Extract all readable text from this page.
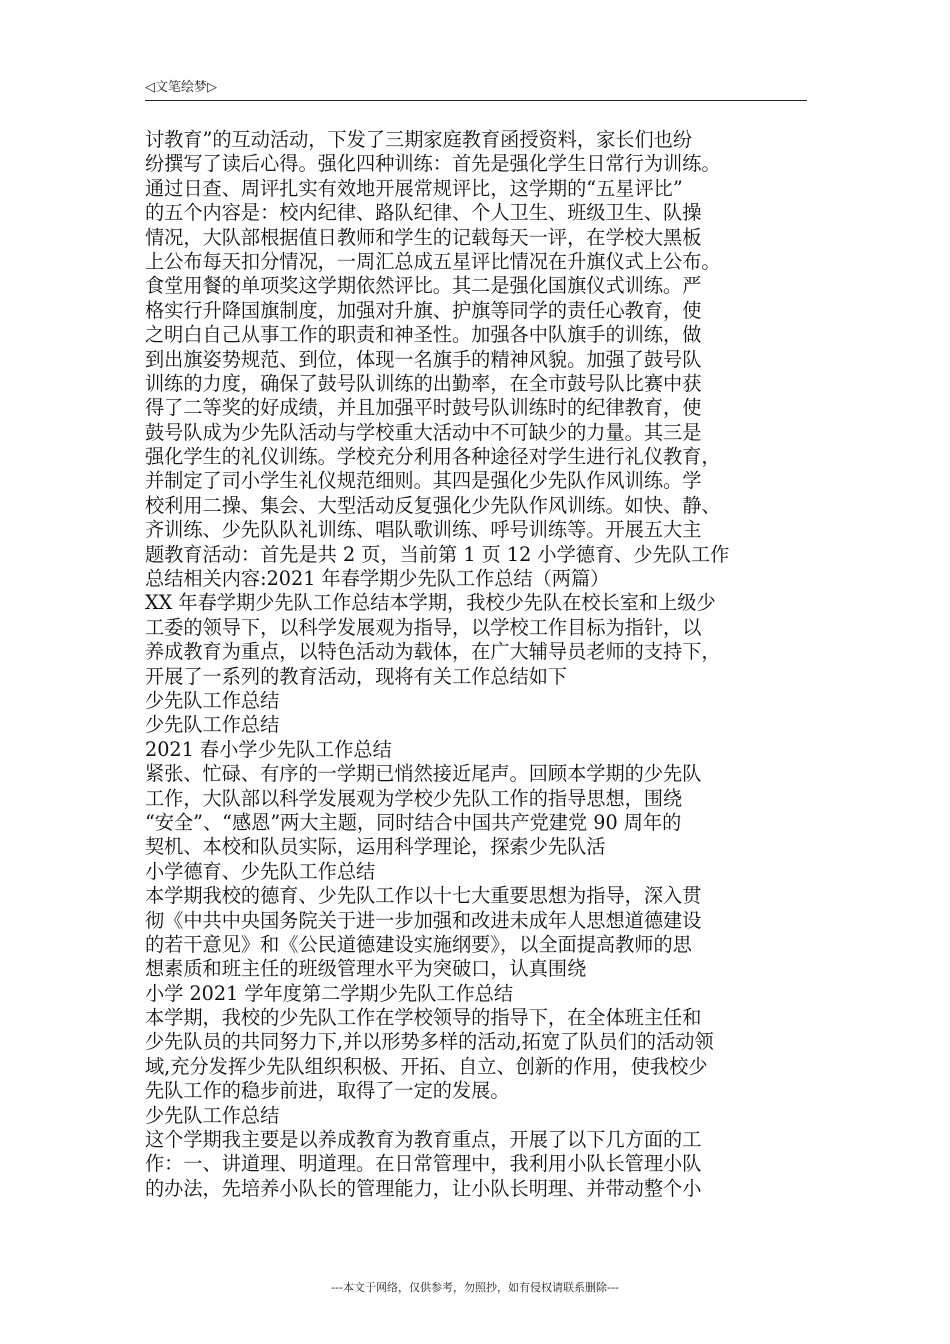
◁文笔绘梦▷
讨教育”的互动活动，下发了三期家庭教育函授资料，家长们也纷
纷撰写了读后心得。强化四种训练：首先是强化学生日常行为训练。
通过日查、周评扎实有效地开展常规评比，这学期的“五星评比”
的五个内容是：校内纪律、路队纪律、个人卫生、班级卫生、队操
情况，大队部根据值日教师和学生的记载每天一评，在学校大黑板
上公布每天扣分情况，一周汇总成五星评比情况在升旗仪式上公布。
食堂用餐的单项奖这学期依然评比。其二是强化国旗仪式训练。严
格实行升降国旗制度，加强对升旗、护旗等同学的责任心教育，使
之明白自己从事工作的职责和神圣性。加强各中队旗手的训练，做
到出旗姿势规范、到位，体现一名旗手的精神风貌。加强了鼓号队
训练的力度，确保了鼓号队训练的出勤率，在全市鼓号队比赛中获
得了二等奖的好成绩，并且加强平时鼓号队训练时的纪律教育，使
鼓号队成为少先队活动与学校重大活动中不可缺少的力量。其三是
强化学生的礼仪训练。学校充分利用各种途径对学生进行礼仪教育，
并制定了司小学生礼仪规范细则。其四是强化少先队作风训练。学
校利用二操、集会、大型活动反复强化少先队作风训练。如快、静、
齐训练、少先队队礼训练、唱队歌训练、呼号训练等。开展五大主
题教育活动：首先是共 2 页，当前第 1 页 12 小学德育、少先队工作
总结相关内容:2021 年春学期少先队工作总结（两篇）
XX 年春学期少先队工作总结本学期，我校少先队在校长室和上级少
工委的领导下，以科学发展观为指导，以学校工作目标为指针，以
养成教育为重点，以特色活动为载体，在广大辅导员老师的支持下，
开展了一系列的教育活动，现将有关工作总结如下
少先队工作总结
少先队工作总结
2021 春小学少先队工作总结
紧张、忙碌、有序的一学期已悄然接近尾声。回顾本学期的少先队
工作，大队部以科学发展观为学校少先队工作的指导思想，围绕
“安全”、“感恩”两大主题，同时结合中国共产党建党 90 周年的
契机、本校和队员实际，运用科学理论，探索少先队活
小学德育、少先队工作总结
本学期我校的德育、少先队工作以十七大重要思想为指导，深入贯
彻《中共中央国务院关于进一步加强和改进未成年人思想道德建设
的若干意见》和《公民道德建设实施纲要》，以全面提高教师的思
想素质和班主任的班级管理水平为突破口，认真围绕
小学 2021 学年度第二学期少先队工作总结
本学期，我校的少先队工作在学校领导的指导下，在全体班主任和
少先队员的共同努力下,并以形势多样的活动,拓宽了队员们的活动领
域,充分发挥少先队组织积极、开拓、自立、创新的作用，使我校少
先队工作的稳步前进，取得了一定的发展。
少先队工作总结
这个学期我主要是以养成教育为教育重点，开展了以下几方面的工
作：一、讲道理、明道理。在日常管理中，我利用小队长管理小队
的办法，先培养小队长的管理能力，让小队长明理、并带动整个小
---本文于网络，仅供参考，勿照抄，如有侵权请联系删除---
